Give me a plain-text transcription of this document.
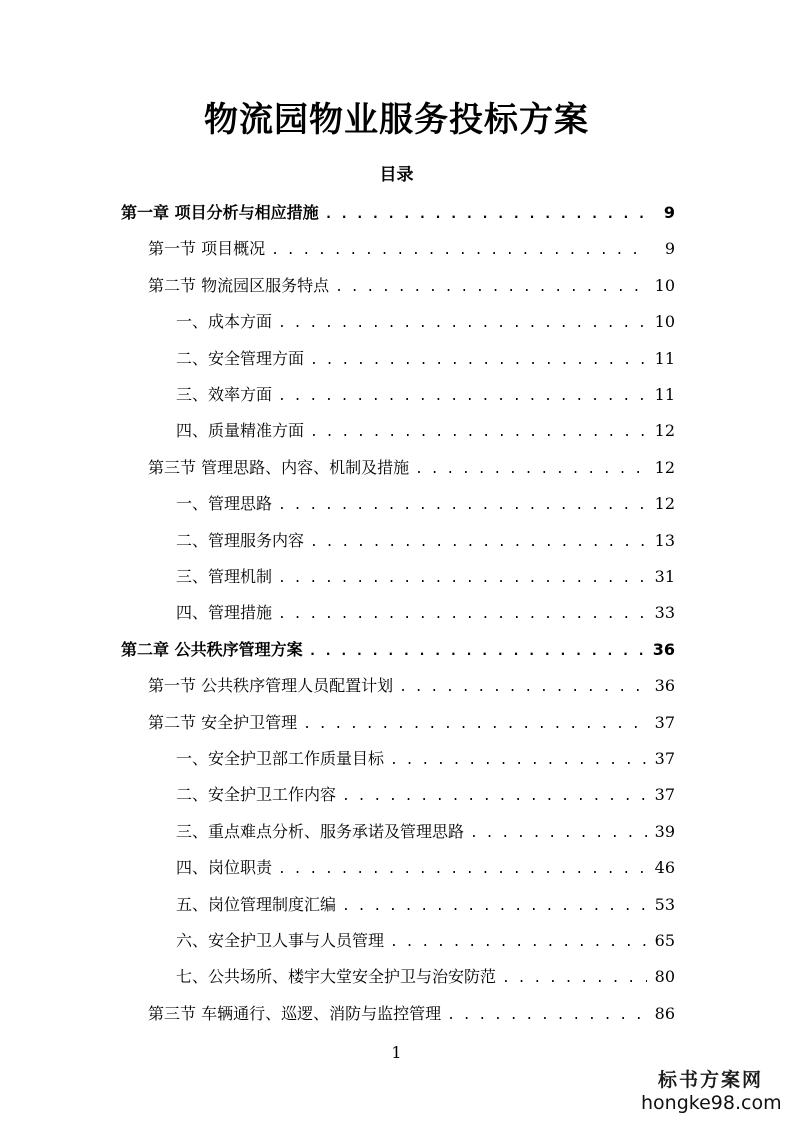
物流园物业服务投标方案
目录
第一章 项目分析与相应措施 . . .	9
第一节 项目概况 . . .	9
第二节 物流园区服务特点 . . .	10
一、成本方面 . . .	10
二、安全管理方面 . . .	11
三、效率方面 . . .	11
四、质量精准方面 . . .	12
第三节 管理思路、内容、机制及措施 . . .	12
一、管理思路 . . .	12
二、管理服务内容 . . .	13
三、管理机制 . . .	31
四、管理措施 . . .	33
第二章 公共秩序管理方案 . . .	36
第一节 公共秩序管理人员配置计划 . . .	36
第二节 安全护卫管理 . . .	37
一、安全护卫部工作质量目标 . . .	37
二、安全护卫工作内容 . . .	37
三、重点难点分析、服务承诺及管理思路 . . .	39
四、岗位职责 . . .	46
五、岗位管理制度汇编 . . .	53
六、安全护卫人事与人员管理 . . .	65
七、公共场所、楼宇大堂安全护卫与治安防范 . . .	80
第三节 车辆通行、巡逻、消防与监控管理 . . .	86
1
标书方案网
hongke98.com
